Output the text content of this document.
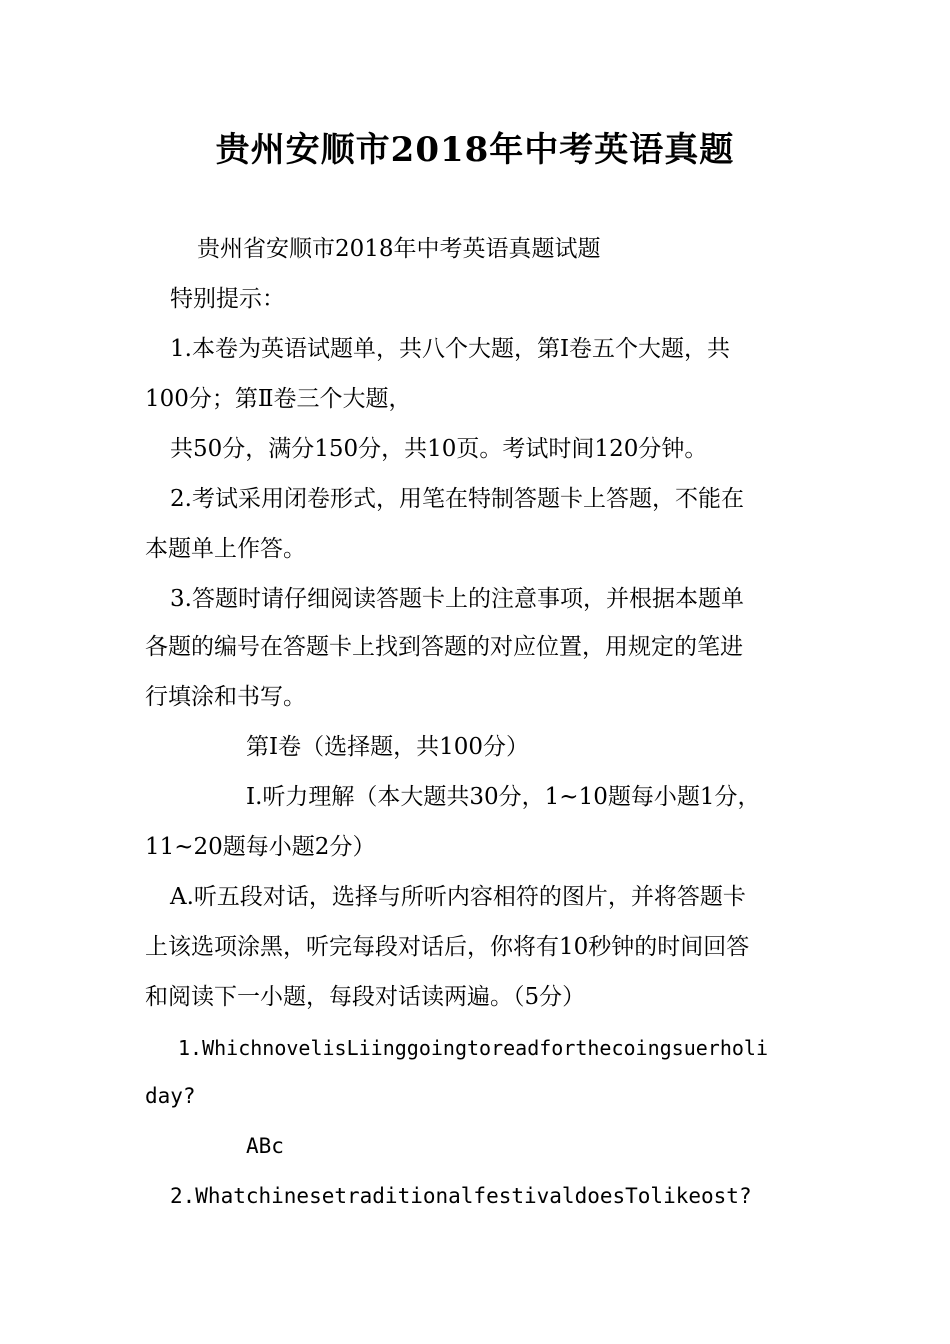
贵州安顺市2018年中考英语真题
贵州省安顺市2018年中考英语真题试题
特别提示：
1.本卷为英语试题单，共八个大题，第Ⅰ卷五个大题，共
100分；第Ⅱ卷三个大题，
共50分，满分150分，共10页。考试时间120分钟。
2.考试采用闭卷形式，用笔在特制答题卡上答题，不能在
本题单上作答。
3.答题时请仔细阅读答题卡上的注意事项，并根据本题单
各题的编号在答题卡上找到答题的对应位置，用规定的笔进
行填涂和书写。
第Ⅰ卷（选择题，共100分）
Ⅰ.听力理解（本大题共30分，1~10题每小题1分，
11~20题每小题2分）
A.听五段对话，选择与所听内容相符的图片，并将答题卡
上该选项涂黑，听完每段对话后，你将有10秒钟的时间回答
和阅读下一小题，每段对话读两遍。（5分）
1.WhichnovelisLiinggoingtoreadforthecoingsuerholi
day?
ABc
2.WhatchinesetraditionalfestivaldoesTolikeost?
